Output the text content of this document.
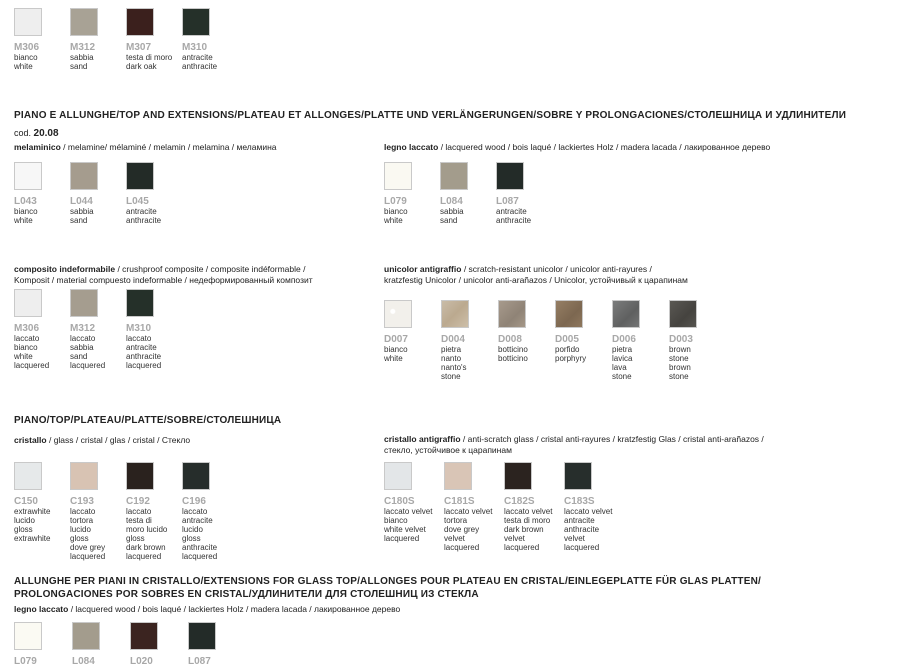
M306
bianco
white
M312
sabbia
sand
M307
testa di moro
dark oak
M310
antracite
anthracite
PIANO E ALLUNGHE/TOP AND EXTENSIONS/PLATEAU ET ALLONGES/PLATTE UND VERLÄNGERUNGEN/SOBRE Y PROLONGACIONES/СТОЛЕШНИЦА И УДЛИНИТЕЛИ
cod. 20.08
melaminico / melamine/ mélaminé / melamin / melamina / меламина
L043
bianco
white
L044
sabbia
sand
L045
antracite
anthracite
legno laccato / lacquered wood / bois laqué / lackiertes Holz / madera lacada / лакированное дерево
L079
bianco
white
L084
sabbia
sand
L087
antracite
anthracite
composito indeformabile / crushproof composite / composite indéformable /
Komposit / material compuesto indeformable / недеформированный композит
M306
laccato
bianco
white
lacquered
M312
laccato
sabbia
sand
lacquered
M310
laccato
antracite
anthracite
lacquered
unicolor antigraffio / scratch-resistant unicolor / unicolor anti-rayures /
kratzfestig Unicolor / unicolor anti-arañazos / Unicolor, устойчивый к царапинам
D007
bianco
white
D004
pietra
nanto
nanto's
stone
D008
botticino
botticino
D005
porfido
porphyry
D006
pietra
lavica
lava
stone
D003
brown
stone
brown
stone
PIANO/TOP/PLATEAU/PLATTE/SOBRE/СТОЛЕШНИЦА
cristallo / glass / cristal / glas / cristal / Стекло
C150
extrawhite
lucido
gloss
extrawhite
C193
laccato
tortora
lucido
gloss
dove grey
lacquered
C192
laccato
testa di
moro lucido
gloss
dark brown
lacquered
C196
laccato
antracite
lucido
gloss
anthracite
lacquered
cristallo antigraffio / anti-scratch glass / cristal anti-rayures / kratzfestig Glas / cristal anti-arañazos /
стекло, устойчивое к царапинам
C180S
laccato velvet
bianco
white velvet
lacquered
C181S
laccato velvet
tortora
dove grey
velvet
lacquered
C182S
laccato velvet
testa di moro
dark brown
velvet
lacquered
C183S
laccato velvet
antracite
anthracite
velvet
lacquered
ALLUNGHE PER PIANI IN CRISTALLO/EXTENSIONS FOR GLASS TOP/ALLONGES POUR PLATEAU EN CRISTAL/EINLEGEPLATTE FÜR GLAS PLATTEN/
PROLONGACIONES POR SOBRES EN CRISTAL/УДЛИНИТЕЛИ ДЛЯ СТОЛЕШНИЦ ИЗ СТЕКЛА
legno laccato / lacquered wood / bois laqué / lackiertes Holz / madera lacada / лакированное дерево
L079	L084	L020	L087
